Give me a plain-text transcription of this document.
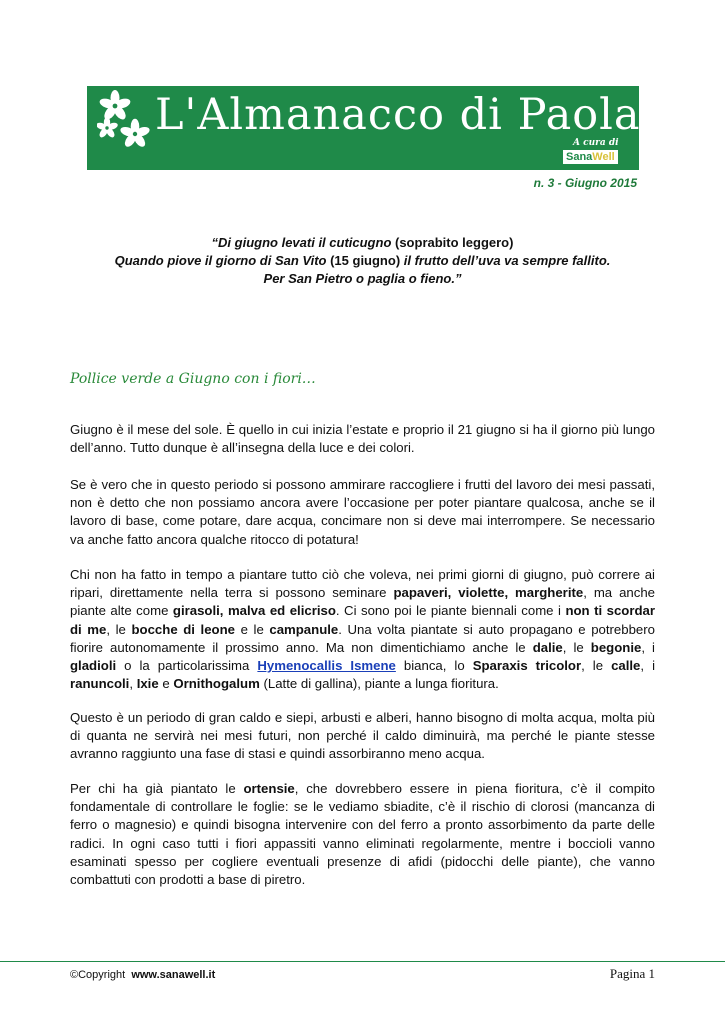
L'Almanacco di Paola
A cura di
SanaWell
n. 3 - Giugno 2015
“Di giugno levati il cuticugno (soprabito leggero)
Quando piove il giorno di San Vito (15 giugno) il frutto dell’uva va sempre fallito.
Per San Pietro o paglia o fieno.”
Pollice verde a Giugno con i fiori…

Giugno è il mese del sole. È quello in cui inizia l’estate e proprio il 21 giugno si ha il giorno più lungo dell’anno. Tutto dunque è all’insegna della luce e dei colori.

Se è vero che in questo periodo si possono ammirare raccogliere i frutti del lavoro dei mesi passati, non è detto che non possiamo ancora avere l’occasione per poter piantare qualcosa, anche se il lavoro di base, come potare, dare acqua, concimare non si deve mai interrompere. Se necessario va anche fatto ancora qualche ritocco di potatura!

Chi non ha fatto in tempo a piantare tutto ciò che voleva, nei primi giorni di giugno, può correre ai ripari, direttamente nella terra si possono seminare papaveri, violette, margherite, ma anche piante alte come girasoli, malva ed elicriso. Ci sono poi le piante biennali come i non ti scordar di me, le bocche di leone e le campanule. Una volta piantate si auto propagano e potrebbero fiorire autonomamente il prossimo anno. Ma non dimentichiamo anche le dalie, le begonie, i gladioli o la particolarissima Hymenocallis Ismene bianca, lo Sparaxis tricolor, le calle, i ranuncoli, Ixie e Ornithogalum (Latte di gallina), piante a lunga fioritura.

Questo è un periodo di gran caldo e siepi, arbusti e alberi, hanno bisogno di molta acqua, molta più di quanta ne servirà nei mesi futuri, non perché il caldo diminuirà, ma perché le piante stesse avranno raggiunto una fase di stasi e quindi assorbiranno meno acqua.

Per chi ha già piantato le ortensie, che dovrebbero essere in piena fioritura, c’è il compito fondamentale di controllare le foglie: se le vediamo sbiadite, c’è il rischio di clorosi (mancanza di ferro o magnesio) e quindi bisogna intervenire con del ferro a pronto assorbimento da parte delle radici. In ogni caso tutti i fiori appassiti vanno eliminati regolarmente, mentre i boccioli vanno esaminati spesso per cogliere eventuali presenze di afidi (pidocchi delle piante), che vanno combattuti con prodotti a base di piretro.

©Copyright www.sanawell.it	Pagina 1
